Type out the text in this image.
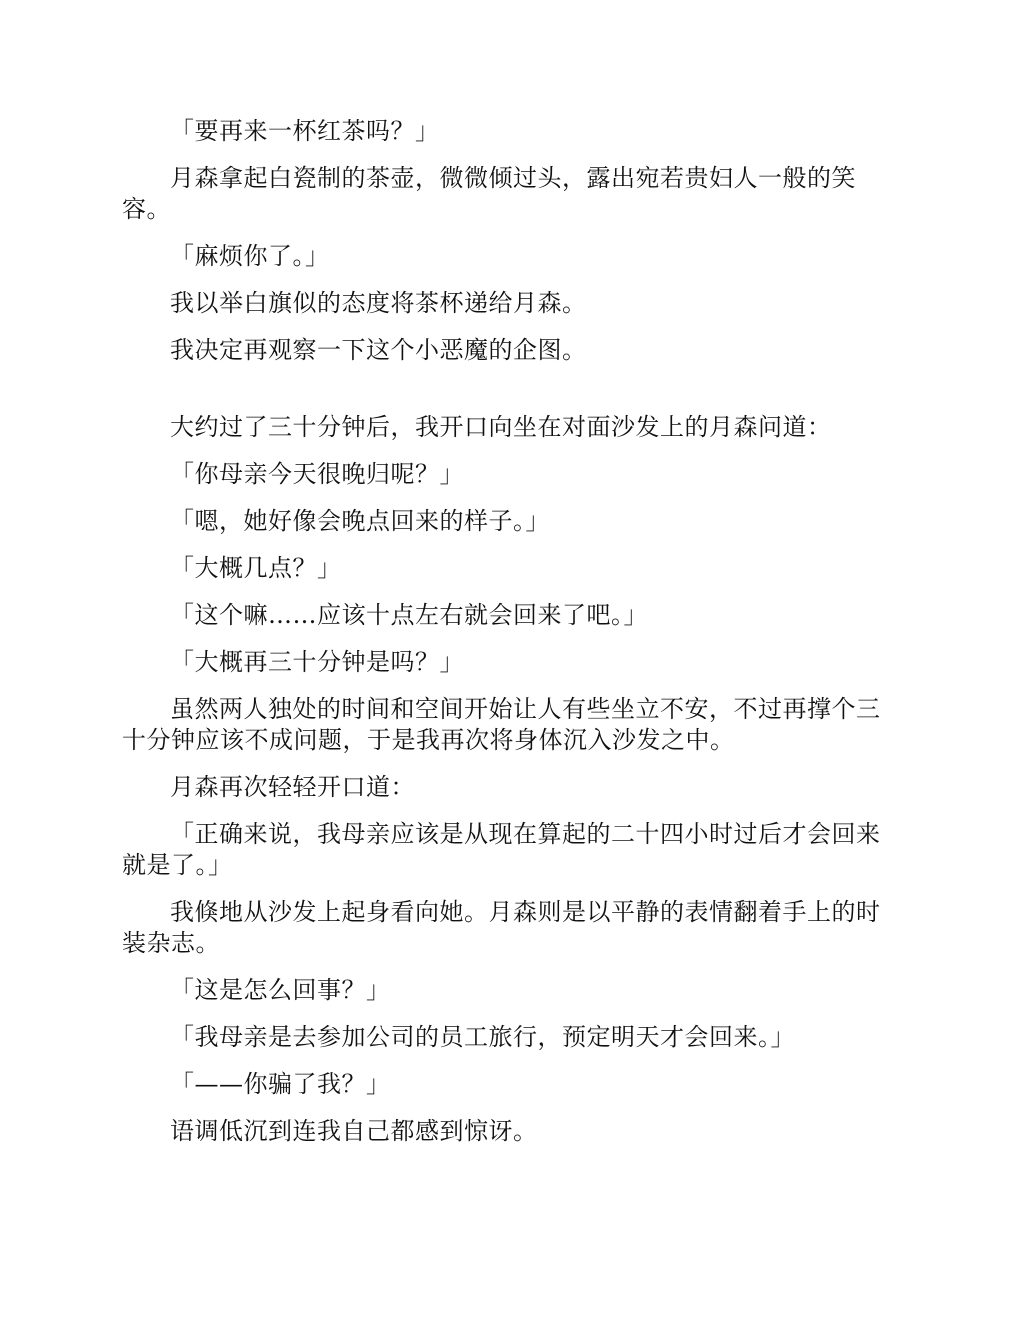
「要再来一杯红茶吗？」

月森拿起白瓷制的茶壶，微微倾过头，露出宛若贵妇人一般的笑容。

「麻烦你了。」

我以举白旗似的态度将茶杯递给月森。

我决定再观察一下这个小恶魔的企图。

大约过了三十分钟后，我开口向坐在对面沙发上的月森问道：

「你母亲今天很晚归呢？」

「嗯，她好像会晚点回来的样子。」

「大概几点？」

「这个嘛……应该十点左右就会回来了吧。」

「大概再三十分钟是吗？」

虽然两人独处的时间和空间开始让人有些坐立不安，不过再撑个三十分钟应该不成问题，于是我再次将身体沉入沙发之中。

月森再次轻轻开口道：

「正确来说，我母亲应该是从现在算起的二十四小时过后才会回来就是了。」

我倏地从沙发上起身看向她。月森则是以平静的表情翻着手上的时装杂志。

「这是怎么回事？」

「我母亲是去参加公司的员工旅行，预定明天才会回来。」

「——你骗了我？」

语调低沉到连我自己都感到惊讶。
